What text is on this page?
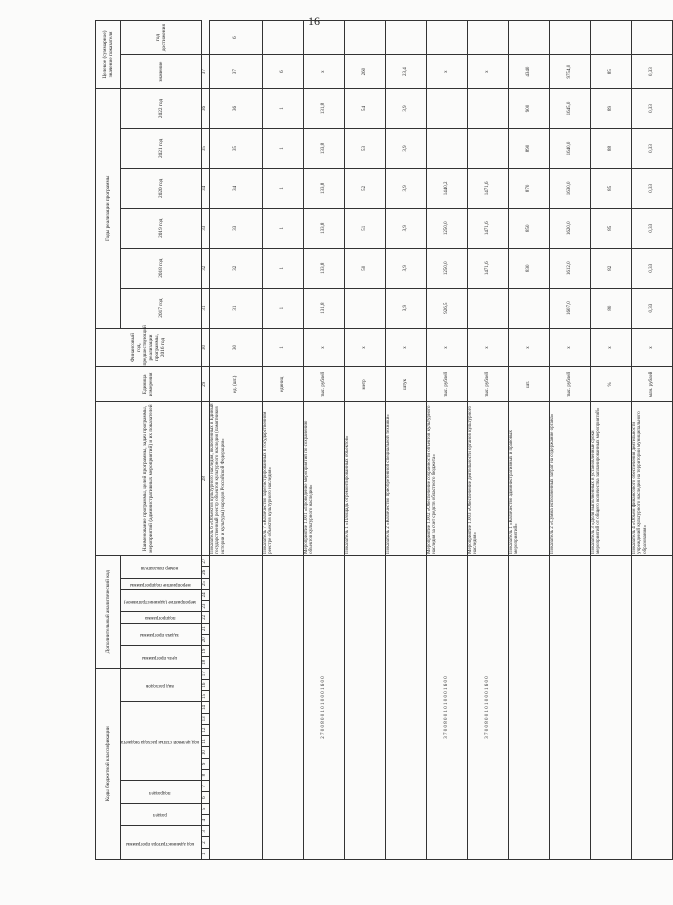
16
Коды бюджетной классификации																	Дополнительный аналитический код										Наименование программы, целей программы, задач программы, мероприятий (административных мероприятий) и их показателей	Единица измерения	Финансовый год, предшествующий реализации программы, 2016 год	Годы реализации программы						Целевое (суммарное) значение показателя	
код администратора программы			раздел		подраздел		код целевой статьи расхода бюджета							вид расходов			цель программы		задача программы		подпрограмма	мероприятие (административное)		мероприятие подпрограммы	номер показателя					2017 год	2018 год	2019 год	2020 год	2021 год	2022 год	значение	год достижения
1	2	3	4	5	6	7	8	9	10	11	12	13	14	15	16	17	18	19	20	21	22	23	24	25	26	27	28	29	30	31	32	33	34	35	36	37	
																											Показатель 6 «Объектов культурного наследия, включенных в Единый государственный реестр объектов культурного наследия (памятников истории и культуры) народов Российской Федерации»	ед. (шт.)	30	31	32	33	34	35	36	37	6
																											Показатель 7 «Количество зарегистрированных в государственном реестре объектов культурного наследия»	единиц	1	1	1	1	1	1	1	6	
2 7 0 0 8 0 0 1 0 1 0 0 0 1 6 0 0																											Мероприятие 1.001 «Проведение мероприятий по сохранению объектов культурного наследия»	тыс. рублей	х	131,8	133,8	133,8	133,8	133,8	131,8	х	
																											Показатель 1 «Площадь отремонтированных объектов»	метр	х		50	51	52	53	54	260	
																											Показатель 2 «Количество приобретенной специальной техники»	штук	х	3,9	3,9	3,9	3,9	3,9	3,9	23,4	
3 7 0 0 8 0 0 1 0 1 0 0 0 1 6 0 0																											Мероприятие 1.002 «Обеспечение сохранности объектов культурного наследия за счет средств областного бюджета»	тыс. рублей	х	926,5	1250,0	1250,0	1440,2			х	
3 7 0 0 8 0 0 1 0 1 0 0 0 1 6 0 0																											Мероприятие 1.003 «Обеспечение деятельности органов культурного наследия»	тыс. рублей	х		1471,6	1471,6	1471,6			х	
																											Показатель 1 «Количество административных и правовых мероприятий»	шт.	х		830	850	870	890	900	4340	
																											Показатель 2 «Сумма исполненных затрат на содержание органа»	тыс. рублей	х	1607,0	1612,0	1620,0	1630,0	1640,0	1645,0	9754,0	
																											Показатель 3 «Доля выполненных в установленные сроки мероприятий от общего количества запланированных мероприятий»	%	х	80	82	85	85	88	89	85	
																											Показатель 4 «Объем финансового обеспечения деятельности учреждений культурного наследия на территории муниципального образования»	млн. рублей	х	0,33	0,33	0,33	0,33	0,33	0,33	0,33	
